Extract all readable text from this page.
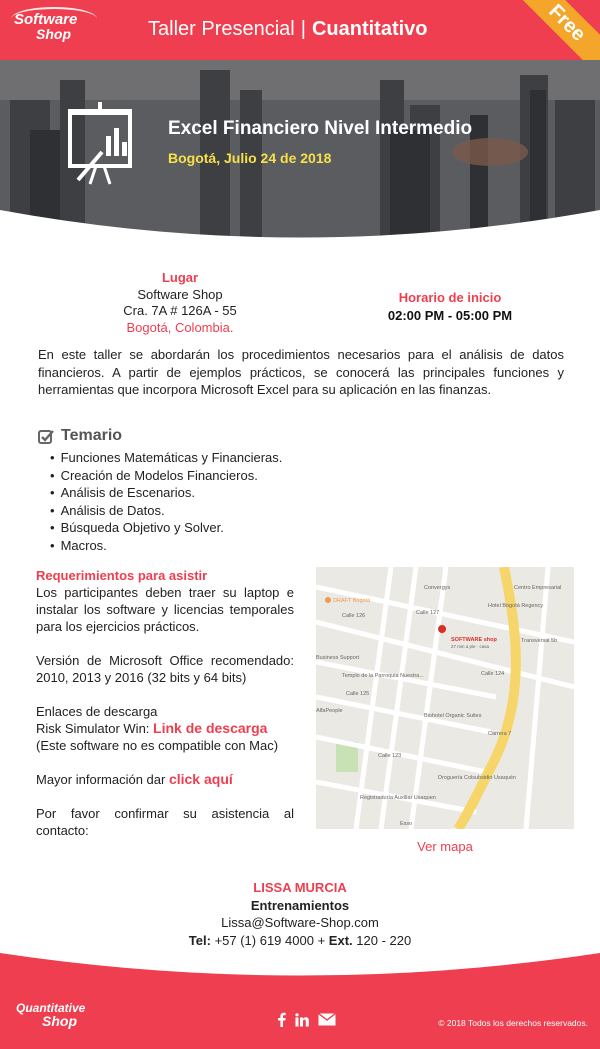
Software
Shop	Taller Presencial | Cuantitativo	Free
Excel Financiero Nivel Intermedio
Bogotá, Julio 24 de 2018
Lugar
Software Shop
Cra. 7A # 126A - 55
Bogotá, Colombia.
Horario de inicio
02:00 PM - 05:00 PM
En este taller se abordarán los procedimientos necesarios para el análisis de datos financieros. A partir de ejemplos prácticos, se conocerá las principales funciones y herramientas que incorpora Microsoft Excel para su aplicación en las finanzas.
Temario
• Funciones Matemáticas y Financieras.
• Creación de Modelos Financieros.
• Análisis de Escenarios.
• Análisis de Datos.
• Búsqueda Objetivo y Solver.
• Macros.

Requerimientos para asistir

Los participantes deben traer su laptop e instalar los software y licencias temporales para los ejercicios prácticos.

Versión de Microsoft Office recomendado: 2010, 2013 y 2016 (32 bits y 64 bits)

Enlaces de descarga

Risk Simulator Win: Link de descarga

(Este software no es compatible con Mac)

Mayor información dar click aquí

Por favor confirmar su asistencia al contacto:

DRAFT Bogotá
Convergys	Centro Empresarial
Hotel Bogotá Regency
Calle 127
Calle 126
SOFTWARE shop
27 min a pie · casa
Business Support
Templo de la Parroquia Nuestra...	Calle 124
AlfaPeople
Biohotel Organic Suites
Calle 125
Carrera 7
Droguería Colsubsidio Usaquén
Registraduría Auxiliar Usaquen
Esso
Calle 123
Transversal 5b
Ver mapa
LISSA MURCIA
Entrenamientos
Lissa@Software-Shop.com
Tel: +57 (1) 619 4000 + Ext. 120 - 220
Quantitative
Shop	© 2018 Todos los derechos reservados.
